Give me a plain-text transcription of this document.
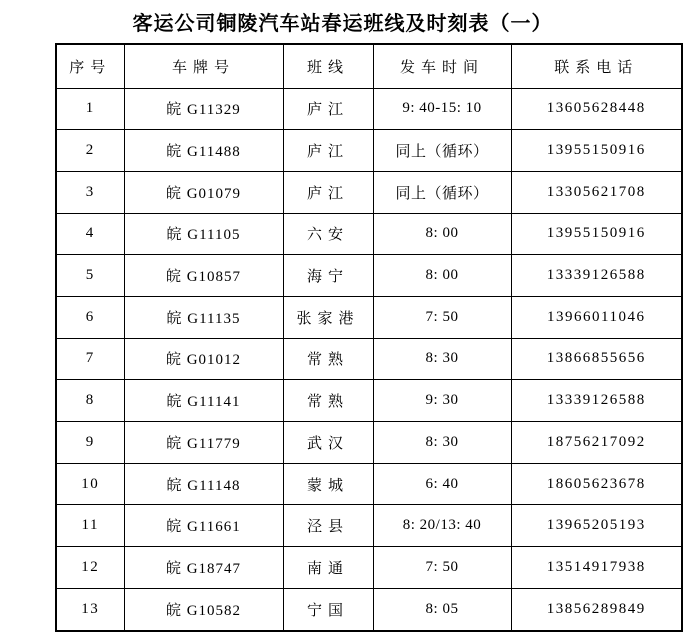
客运公司铜陵汽车站春运班线及时刻表（一）
序号	车牌号	班线	发车时间	联系电话
1	皖 G11329	庐江	9: 40-15: 10	13605628448
2	皖 G11488	庐江	同上（循环）	13955150916
3	皖 G01079	庐江	同上（循环）	13305621708
4	皖 G11105	六安	8: 00	13955150916
5	皖 G10857	海宁	8: 00	13339126588
6	皖 G11135	张家港	7: 50	13966011046
7	皖 G01012	常熟	8: 30	13866855656
8	皖 G11141	常熟	9: 30	13339126588
9	皖 G11779	武汉	8: 30	18756217092
10	皖 G11148	蒙城	6: 40	18605623678
11	皖 G11661	泾县	8: 20/13: 40	13965205193
12	皖 G18747	南通	7: 50	13514917938
13	皖 G10582	宁国	8: 05	13856289849
